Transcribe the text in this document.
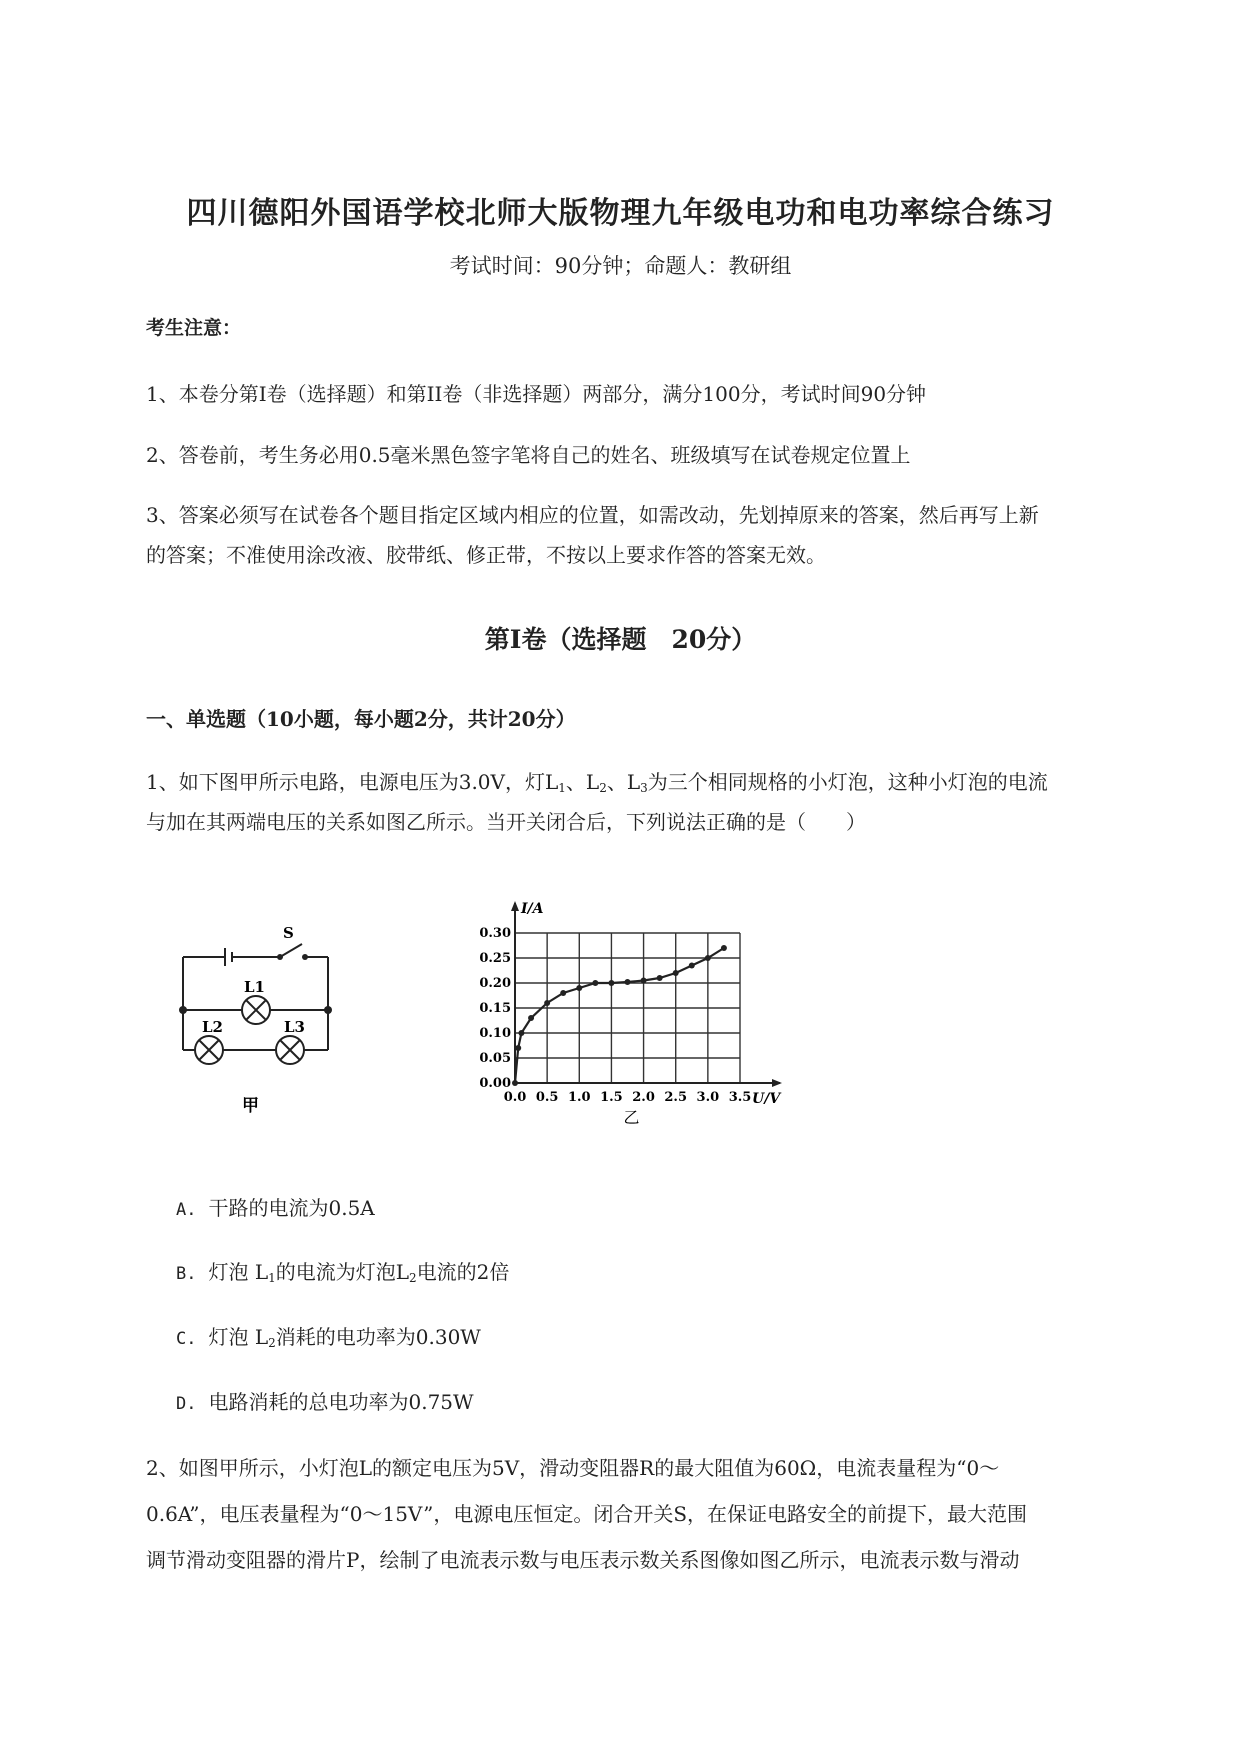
四川德阳外国语学校北师大版物理九年级电功和电功率综合练习
考试时间：90分钟；命题人：教研组
考生注意：
1、本卷分第I卷（选择题）和第II卷（非选择题）两部分，满分100分，考试时间90分钟
2、答卷前，考生务必用0.5毫米黑色签字笔将自己的姓名、班级填写在试卷规定位置上
3、答案必须写在试卷各个题目指定区域内相应的位置，如需改动，先划掉原来的答案，然后再写上新
的答案；不准使用涂改液、胶带纸、修正带，不按以上要求作答的答案无效。
第I卷（选择题　20分）
一、单选题（10小题，每小题2分，共计20分）
1、如下图甲所示电路，电源电压为3.0V，灯$L_1$、$L_2$、$L_3$为三个相同规格的小灯泡，这种小灯泡的电流
与加在其两端电压的关系如图乙所示。当开关闭合后，下列说法正确的是（　　）
S
L1
L2	L3
甲	0.0 0.5 1.0 1.5 2.0 2.5 3.0 3.5
0.00
0.05
0.10
0.15
0.20
0.25
0.30
I/A
U/V
乙
A. 干路的电流为0.5A
B. 灯泡 $L_1$的电流为灯泡$L_2$电流的2倍
C. 灯泡 $L_2$消耗的电功率为0.30W
D. 电路消耗的总电功率为0.75W
2、如图甲所示，小灯泡L的额定电压为5V，滑动变阻器R的最大阻值为60Ω，电流表量程为“0～
0.6A”，电压表量程为“0～15V”，电源电压恒定。闭合开关S，在保证电路安全的前提下，最大范围
调节滑动变阻器的滑片P，绘制了电流表示数与电压表示数关系图像如图乙所示，电流表示数与滑动
